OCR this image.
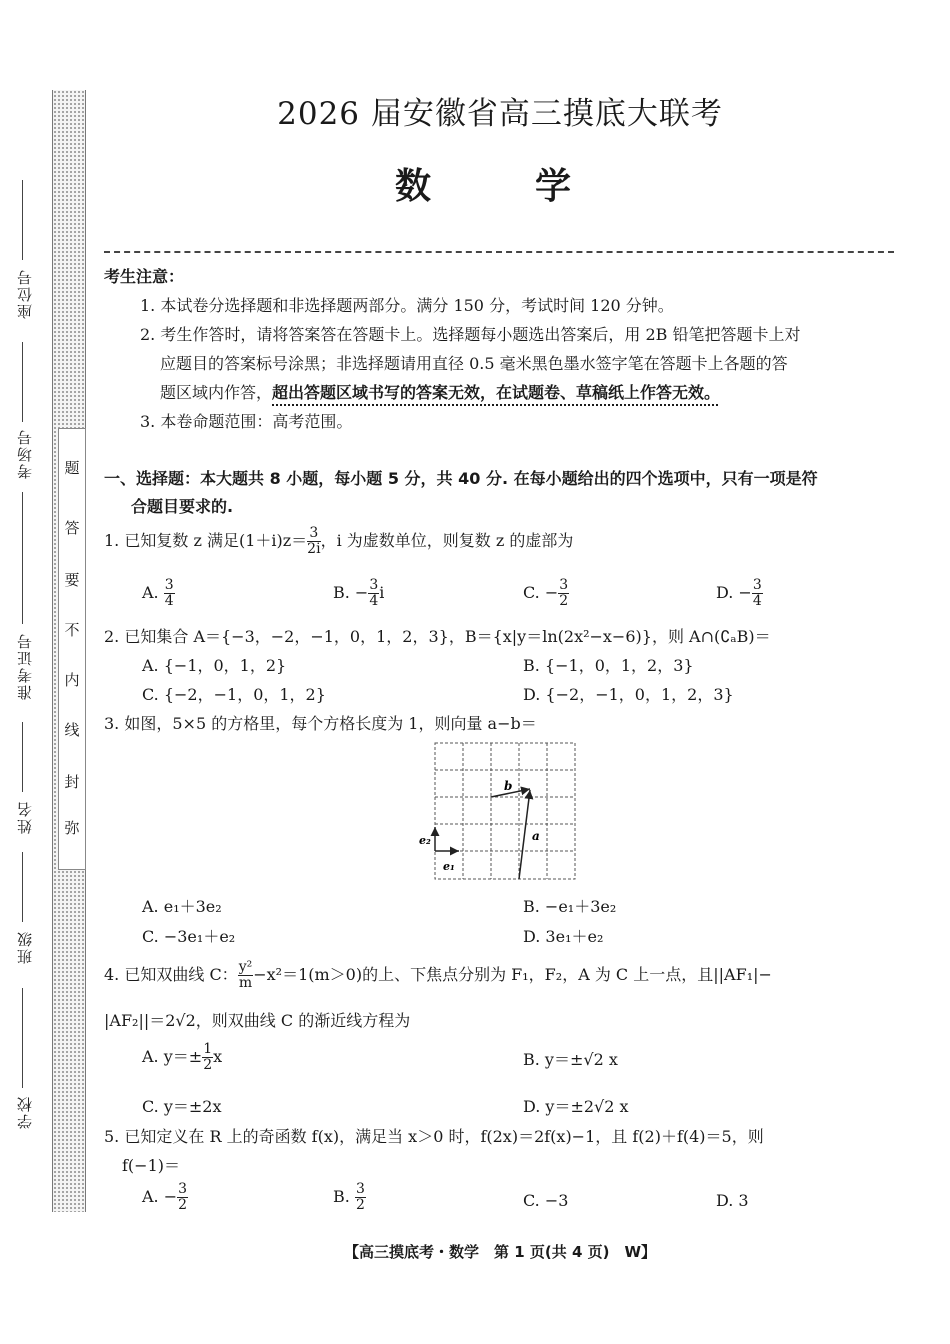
题
答
要
不
内
线
封
弥
座位号
考场号
准考证号
姓名
班级
学校
2026 届安徽省高三摸底大联考
数　学
考生注意：
1. 本试卷分选择题和非选择题两部分。满分 150 分，考试时间 120 分钟。
2. 考生作答时，请将答案答在答题卡上。选择题每小题选出答案后，用 2B 铅笔把答题卡上对
应题目的答案标号涂黑；非选择题请用直径 0.5 毫米黑色墨水签字笔在答题卡上各题的答
题区域内作答，超出答题区域书写的答案无效，在试题卷、草稿纸上作答无效。
3. 本卷命题范围：高考范围。
一、选择题：本大题共 8 小题，每小题 5 分，共 40 分. 在每小题给出的四个选项中，只有一项是符
合题目要求的.
1. 已知复数 z 满足$(1+i)z= \frac{3}{2i}$ ，i 为虚数单位，则复数 z 的虚部为
A. $\frac{3}{4}$	B. − $\frac{3}{4}$ i	C. − $\frac{3}{2}$	D. − $\frac{3}{4}$
2. 已知集合 A＝{−3，−2，−1，0，1，2，3}，B＝{x|y＝ln(2x²−x−6)}，则 A∩(∁ₐB)＝
A. {−1，0，1，2}	B. {−1，0，1，2，3}
C. {−2，−1，0，1，2}	D. {−2，−1，0，1，2，3}
3. 如图，5×5 的方格里，每个方格长度为 1，则向量 a−b＝
b
a
e₁
e₂
A. e₁＋3e₂	B. −e₁＋3e₂
C. −3e₁＋e₂	D. 3e₁＋e₂
4. 已知双曲线 C： $\frac{\text{y²}}{m} -x^2=1(m>0)$的上、下焦点分别为 F₁，F₂，A 为 C 上一点，且||AF₁|−
|AF₂||＝2√2，则双曲线 C 的渐近线方程为
A. $y=\pm \frac{1}{2}$ x	B. y＝±√2 x
C. y＝±2x	D. y＝±2√2 x
5. 已知定义在 R 上的奇函数 f(x)，满足当 x＞0 时，f(2x)＝2f(x)−1，且 f(2)＋f(4)＝5，则
f(−1)＝
A. − $\frac{3}{2}$	B. $\frac{3}{2}$	C. −3	D. 3
【高三摸底考・数学　第 1 页(共 4 页)　W】
